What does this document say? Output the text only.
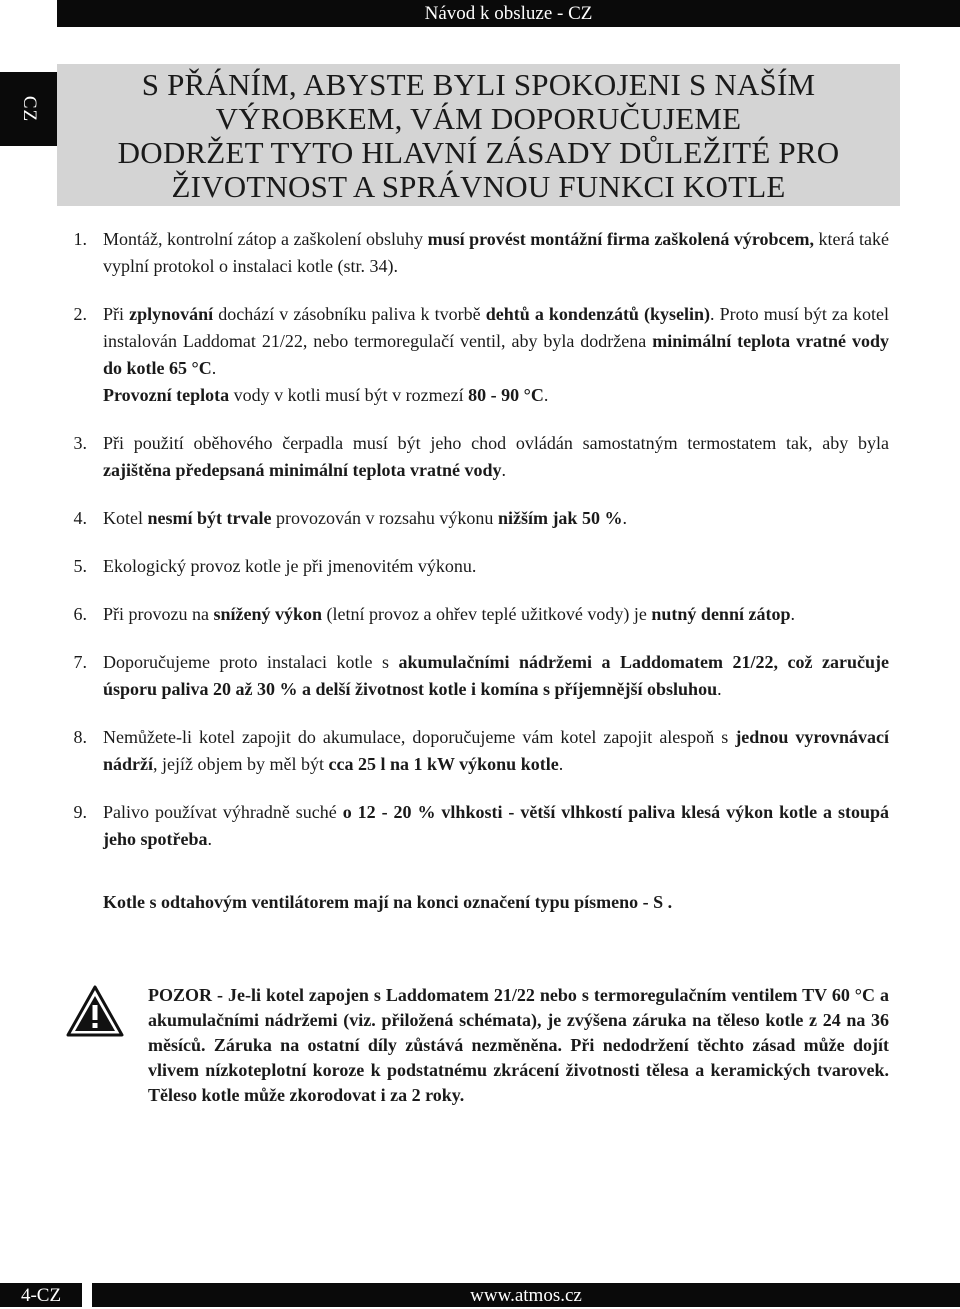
Návod k obsluze - CZ
CZ
S PŘÁNÍM, ABYSTE BYLI SPOKOJENI S NAŠÍM
VÝROBKEM, VÁM DOPORUČUJEME
DODRŽET TYTO HLAVNÍ ZÁSADY DŮLEŽITÉ PRO
ŽIVOTNOST A SPRÁVNOU FUNKCI KOTLE
1. Montáž, kontrolní zátop a zaškolení obsluhy musí provést montážní firma zaškolená výrobcem, která také vyplní protokol o instalaci kotle (str. 34).

2. Při zplynování dochází v zásobníku paliva k tvorbě dehtů a kondenzátů (kyselin). Proto musí být za kotel instalován Laddomat 21/22, nebo termoregulačí ventil, aby byla dodržena minimální teplota vratné vody do kotle 65 °C.

Provozní teplota vody v kotli musí být v rozmezí 80 - 90 °C.

3. Při použití oběhového čerpadla musí být jeho chod ovládán samostatným termostatem tak, aby byla zajištěna předepsaná minimální teplota vratné vody.

4. Kotel nesmí být trvale provozován v rozsahu výkonu nižším jak 50 %.

5. Ekologický provoz kotle je při jmenovitém výkonu.

6. Při provozu na snížený výkon (letní provoz a ohřev teplé užitkové vody) je nutný denní zátop.

7. Doporučujeme proto instalaci kotle s akumulačními nádržemi a Laddomatem 21/22, což zaručuje úsporu paliva 20 až 30 % a delší životnost kotle i komína s příjemnější obsluhou.

8. Nemůžete-li kotel zapojit do akumulace, doporučujeme vám kotel zapojit alespoň s jednou vyrovnávací nádrží, jejíž objem by měl být cca 25 l na 1 kW výkonu kotle.

9. Palivo používat výhradně suché o 12 - 20 % vlhkosti - větší vlhkostí paliva klesá výkon kotle a stoupá jeho spotřeba.

Kotle s odtahovým ventilátorem mají na konci označení typu písmeno - S .
POZOR - Je-li kotel zapojen s Laddomatem 21/22 nebo s termoregulačním ventilem TV 60 °C a akumulačními nádržemi (viz. přiložená schémata), je zvýšena záruka na těleso kotle z 24 na 36 měsíců. Záruka na ostatní díly zůstává nezměněna. Při nedodržení těchto zásad může dojít vlivem nízkoteplotní koroze k podstatnému zkrácení životnosti tělesa a keramických tvarovek. Těleso kotle může zkorodovat i za 2 roky.
4-CZ	www.atmos.cz
